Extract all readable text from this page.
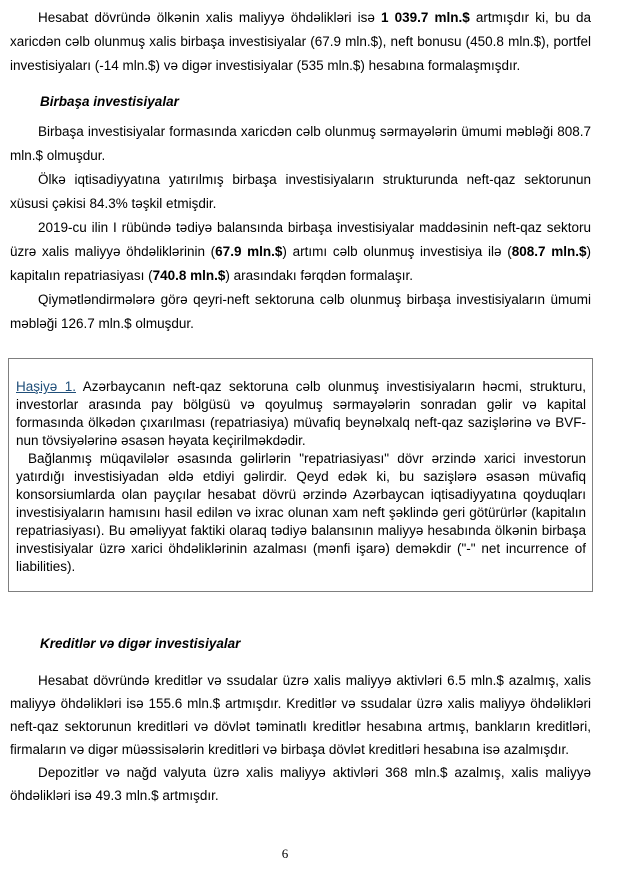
Hesabat dövründə ölkənin xalis maliyyə öhdəlikləri isə 1 039.7 mln.$ artmışdır ki, bu da xaricdən cəlb olunmuş xalis birbaşa investisiyalar (67.9 mln.$), neft bonusu (450.8 mln.$), portfel investisiyaları (-14 mln.$) və digər investisiyalar (535 mln.$) hesabına formalaşmışdır.

Birbaşa investisiyalar

Birbaşa investisiyalar formasında xaricdən cəlb olunmuş sərmayələrin ümumi məbləği 808.7 mln.$ olmuşdur.

Ölkə iqtisadiyyatına yatırılmış birbaşa investisiyaların strukturunda neft-qaz sektorunun xüsusi çəkisi 84.3% təşkil etmişdir.

2019-cu ilin I rübündə tədiyə balansında birbaşa investisiyalar maddəsinin neft-qaz sektoru üzrə xalis maliyyə öhdəliklərinin (67.9 mln.$) artımı cəlb olunmuş investisiya ilə (808.7 mln.$) kapitalın repatriasiyası (740.8 mln.$) arasındakı fərqdən formalaşır.

Qiymətləndirmələrə görə qeyri-neft sektoruna cəlb olunmuş birbaşa investisiyaların ümumi məbləği 126.7 mln.$ olmuşdur.

Haşiyə 1. Azərbaycanın neft-qaz sektoruna cəlb olunmuş investisiyaların həcmi, strukturu, investorlar arasında pay bölgüsü və qoyulmuş sərmayələrin sonradan gəlir və kapital formasında ölkədən çıxarılması (repatriasiya) müvafiq beynəlxalq neft-qaz sazişlərinə və BVF-nun tövsiyələrinə əsasən həyata keçirilməkdədir.

Bağlanmış müqavilələr əsasında gəlirlərin "repatriasiyası" dövr ərzində xarici investorun yatırdığı investisiyadan əldə etdiyi gəlirdir. Qeyd edək ki, bu sazişlərə əsasən müvafiq konsorsiumlarda olan payçılar hesabat dövrü ərzində Azərbaycan iqtisadiyyatına qoyduqları investisiyaların hamısını hasil edilən və ixrac olunan xam neft şəklində geri götürürlər (kapitalın repatriasiyası). Bu əməliyyat faktiki olaraq tədiyə balansının maliyyə hesabında ölkənin birbaşa investisiyalar üzrə xarici öhdəliklərinin azalması (mənfi işarə) deməkdir ("-" net incurrence of liabilities).

Kreditlər və digər investisiyalar

Hesabat dövründə kreditlər və ssudalar üzrə xalis maliyyə aktivləri 6.5 mln.$ azalmış, xalis maliyyə öhdəlikləri isə 155.6 mln.$ artmışdır. Kreditlər və ssudalar üzrə xalis maliyyə öhdəlikləri neft-qaz sektorunun kreditləri və dövlət təminatlı kreditlər hesabına artmış, bankların kreditləri, firmaların və digər müəssisələrin kreditləri və birbaşa dövlət kreditləri hesabına isə azalmışdır.

Depozitlər və nağd valyuta üzrə xalis maliyyə aktivləri 368 mln.$ azalmış, xalis maliyyə öhdəlikləri isə 49.3 mln.$ artmışdır.

6
